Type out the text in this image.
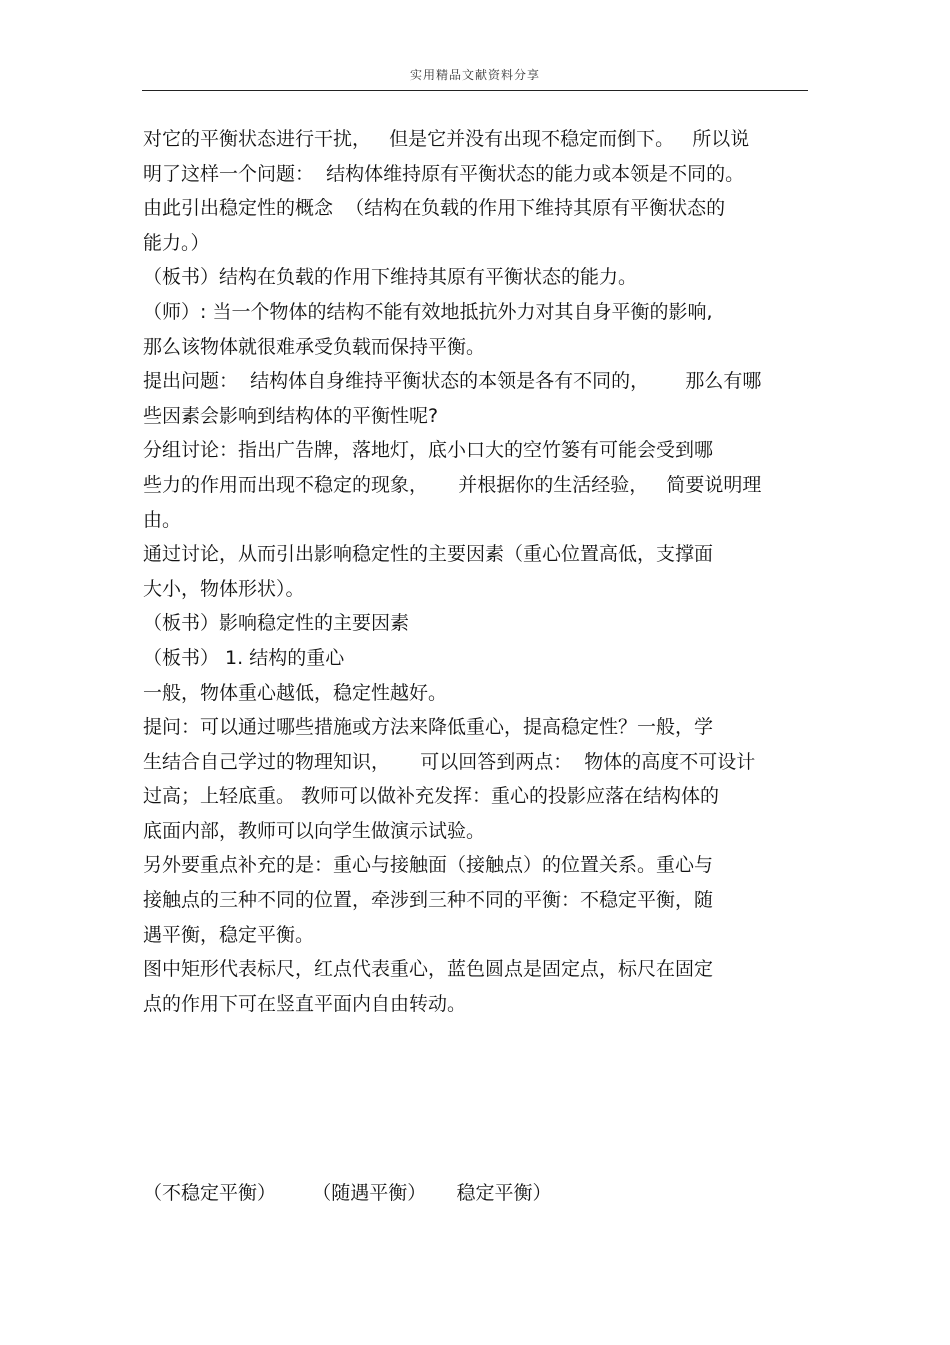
实用精品文献资料分享
对它的平衡状态进行干扰，   但是它并没有出现不稳定而倒下。   所以说
明了这样一个问题：  结构体维持原有平衡状态的能力或本领是不同的。
由此引出稳定性的概念  （结构在负载的作用下维持其原有平衡状态的
能力。）
（板书）结构在负载的作用下维持其原有平衡状态的能力。
（师）: 当一个物体的结构不能有效地抵抗外力对其自身平衡的影响,
那么该物体就很难承受负载而保持平衡。
提出问题：  结构体自身维持平衡状态的本领是各有不同的，      那么有哪
些因素会影响到结构体的平衡性呢?
分组讨论：指出广告牌，落地灯，底小口大的空竹篓有可能会受到哪
些力的作用而出现不稳定的现象，     并根据你的生活经验，   简要说明理
由。
通过讨论，从而引出影响稳定性的主要因素（重心位置高低，支撑面
大小，物体形状）。
（板书）影响稳定性的主要因素
（板书） 1. 结构的重心
一般，物体重心越低，稳定性越好。
提问：可以通过哪些措施或方法来降低重心，提高稳定性？一般，学
生结合自己学过的物理知识，     可以回答到两点：  物体的高度不可设计
过高；上轻底重。 教师可以做补充发挥：重心的投影应落在结构体的
底面内部，教师可以向学生做演示试验。
另外要重点补充的是：重心与接触面（接触点）的位置关系。重心与
接触点的三种不同的位置，牵涉到三种不同的平衡：不稳定平衡，随
遇平衡，稳定平衡。
图中矩形代表标尺，红点代表重心，蓝色圆点是固定点，标尺在固定
点的作用下可在竖直平面内自由转动。
（不稳定平衡） （随遇平衡） 稳定平衡）
